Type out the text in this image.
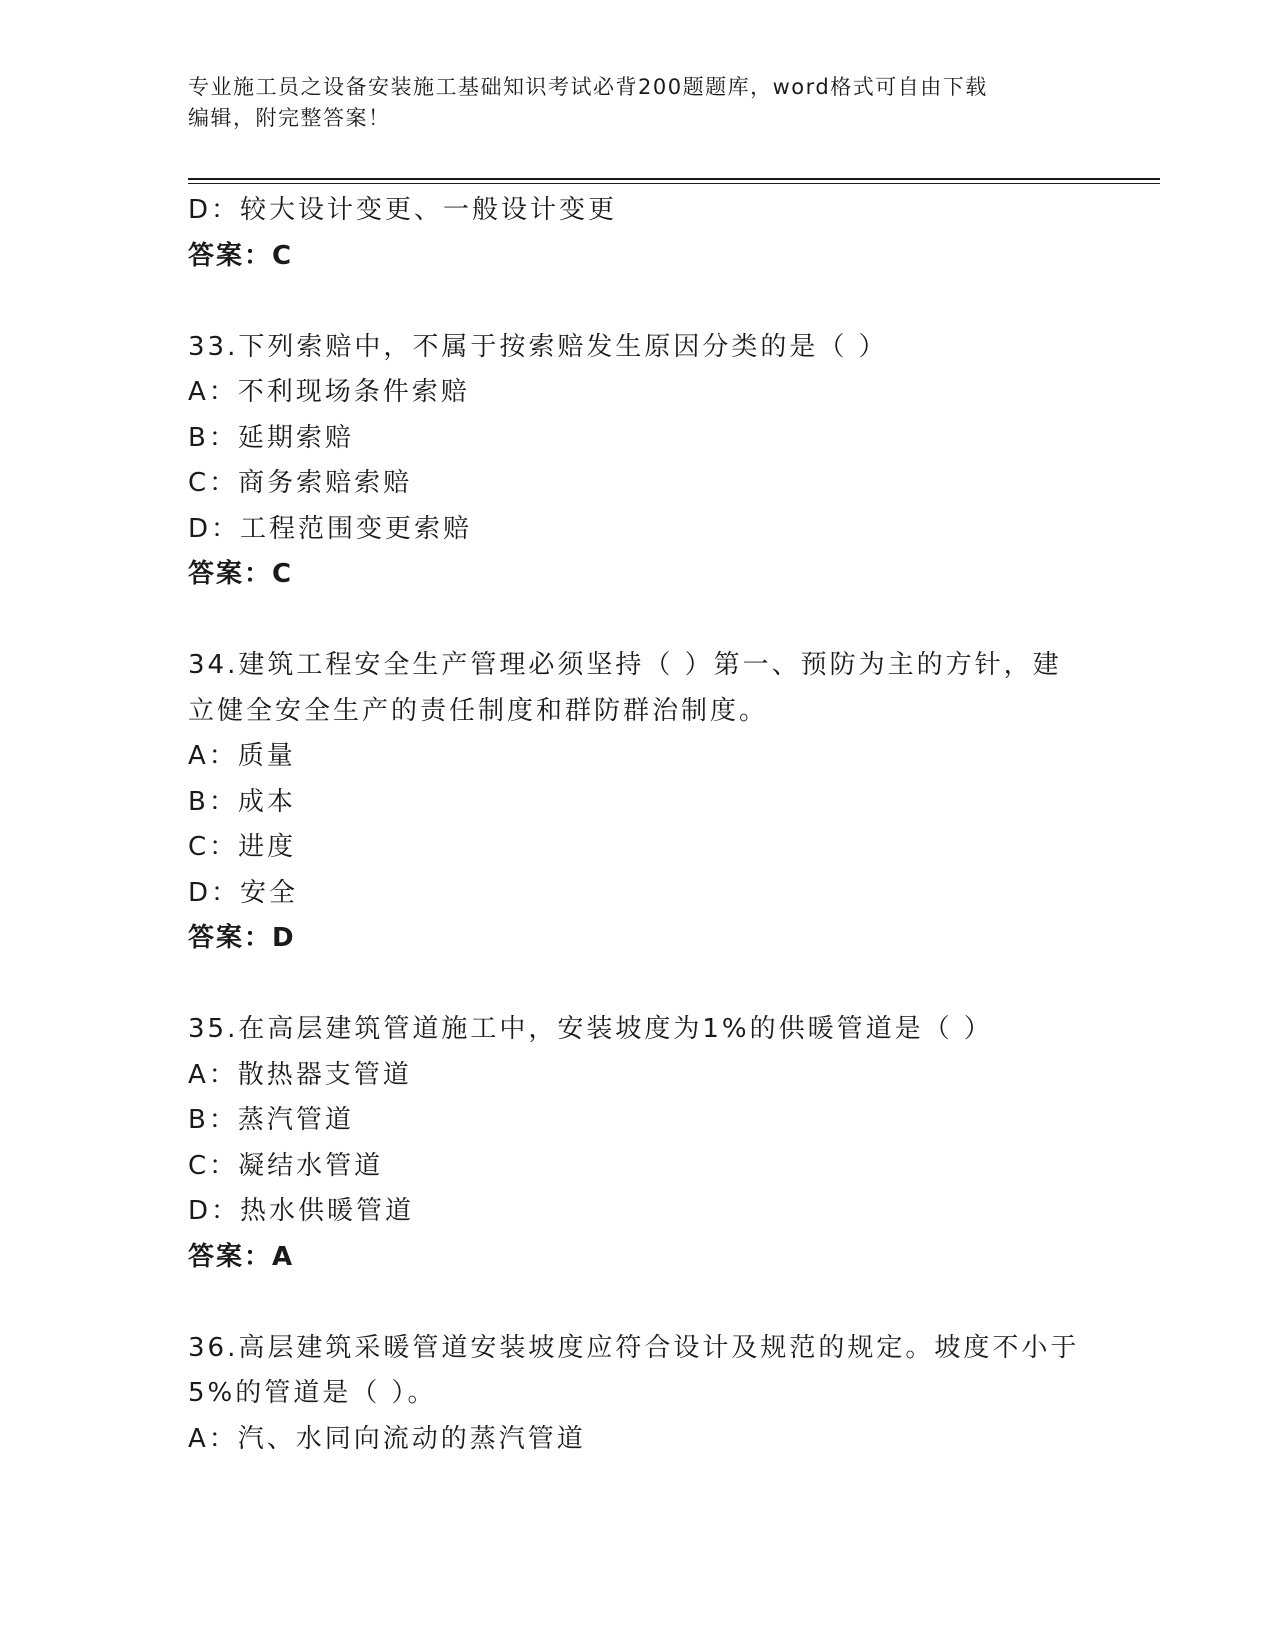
专业施工员之设备安装施工基础知识考试必背200题题库，word格式可自由下载
编辑，附完整答案！
D：较大设计变更、一般设计变更
答案：C
33.下列索赔中，不属于按索赔发生原因分类的是（ ）
A：不利现场条件索赔
B：延期索赔
C：商务索赔索赔
D：工程范围变更索赔
答案：C
34.建筑工程安全生产管理必须坚持（ ）第一、预防为主的方针，建
立健全安全生产的责任制度和群防群治制度。
A：质量
B：成本
C：进度
D：安全
答案：D
35.在高层建筑管道施工中，安装坡度为1%的供暖管道是（ ）
A：散热器支管道
B：蒸汽管道
C：凝结水管道
D：热水供暖管道
答案：A
36.高层建筑采暖管道安装坡度应符合设计及规范的规定。坡度不小于
5%的管道是（ ）。
A：汽、水同向流动的蒸汽管道
